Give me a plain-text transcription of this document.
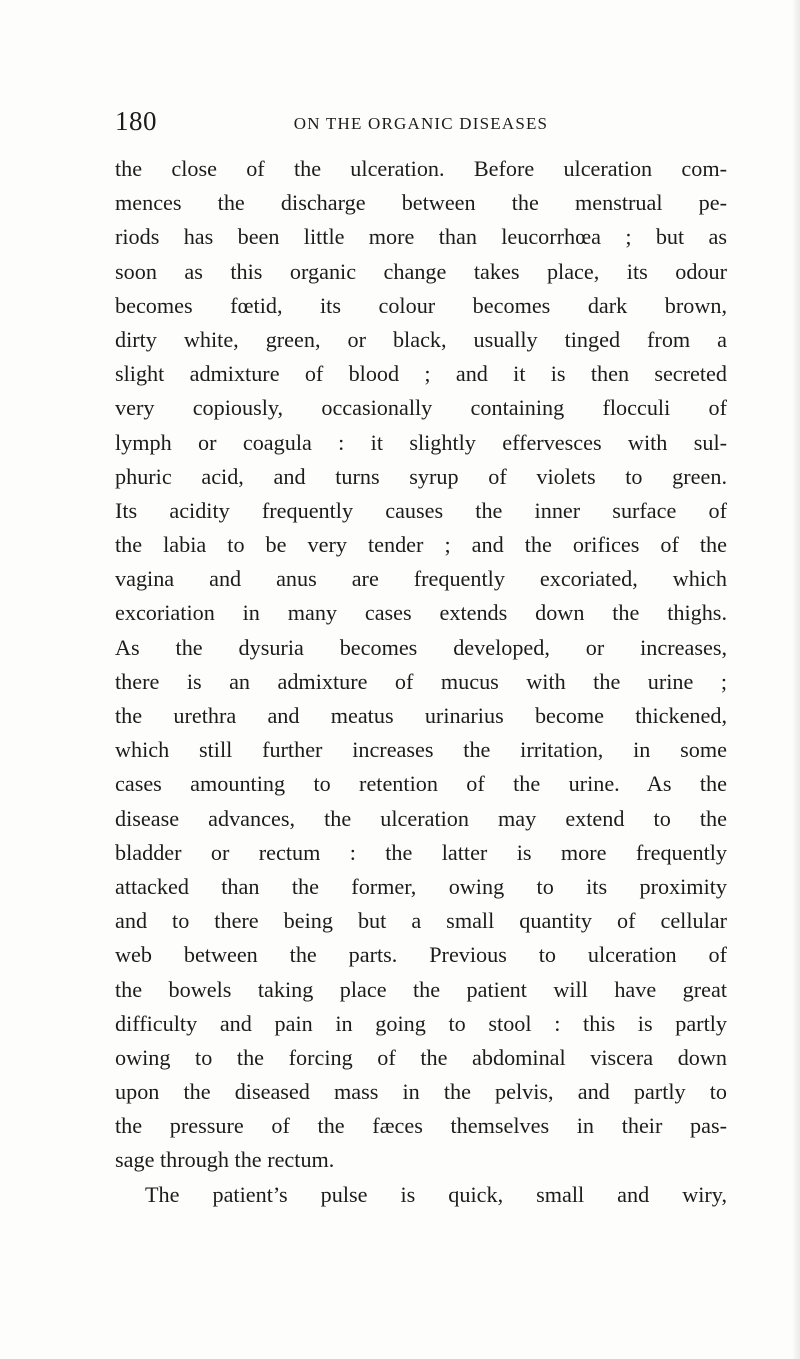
180	ON THE ORGANIC DISEASES
the close of the ulceration. Before ulceration com-
mences the discharge between the menstrual pe-
riods has been little more than leucorrhœa ; but as
soon as this organic change takes place, its odour
becomes fœtid, its colour becomes dark brown,
dirty white, green, or black, usually tinged from a
slight admixture of blood ; and it is then secreted
very copiously, occasionally containing flocculi of
lymph or coagula : it slightly effervesces with sul-
phuric acid, and turns syrup of violets to green.
Its acidity frequently causes the inner surface of
the labia to be very tender ; and the orifices of the
vagina and anus are frequently excoriated, which
excoriation in many cases extends down the thighs.
As the dysuria becomes developed, or increases,
there is an admixture of mucus with the urine ;
the urethra and meatus urinarius become thickened,
which still further increases the irritation, in some
cases amounting to retention of the urine. As the
disease advances, the ulceration may extend to the
bladder or rectum : the latter is more frequently
attacked than the former, owing to its proximity
and to there being but a small quantity of cellular
web between the parts. Previous to ulceration of
the bowels taking place the patient will have great
difficulty and pain in going to stool : this is partly
owing to the forcing of the abdominal viscera down
upon the diseased mass in the pelvis, and partly to
the pressure of the fæces themselves in their pas-
sage through the rectum.
The patient’s pulse is quick, small and wiry,
